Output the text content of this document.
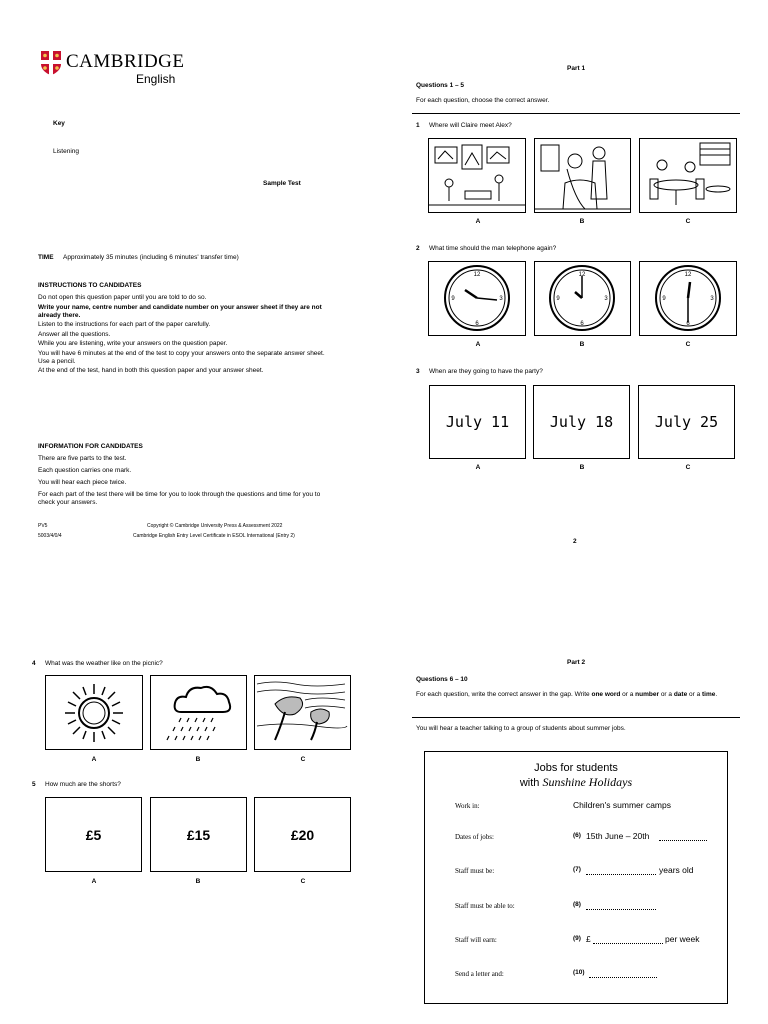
CAMBRIDGE
English
Key
Listening
Sample Test
TIME Approximately 35 minutes (including 6 minutes' transfer time)
INSTRUCTIONS TO CANDIDATES
Do not open this question paper until you are told to do so.
Write your name, centre number and candidate number on your answer sheet if they are not already there.
Listen to the instructions for each part of the paper carefully.
Answer all the questions.
While you are listening, write your answers on the question paper.
You will have 6 minutes at the end of the test to copy your answers onto the separate answer sheet. Use a pencil.
At the end of the test, hand in both this question paper and your answer sheet.
INFORMATION FOR CANDIDATES
There are five parts to the test.
Each question carries one mark.
You will hear each piece twice.
For each part of the test there will be time for you to look through the questions and time for you to check your answers.
PV5
5003/4/0/4
Copyright © Cambridge University Press & Assessment 2022
Cambridge English Entry Level Certificate in ESOL International (Entry 2)
Part 1
Questions 1 – 5
For each question, choose the correct answer.
1 Where will Claire meet Alex?
A	B	C
2 What time should the man telephone again?
12
3
6
9
12
3
6
9
12
3
6
9
A	B	C
3 When are they going to have the party?
July 11	July 18	July 25
A	B	C
2
4 What was the weather like on the picnic?
A	B	C
5 How much are the shorts?
£5	£15	£20
A	B	C
Part 2
Questions 6 – 10
For each question, write the correct answer in the gap. Write one word or a number or a date or a time.
You will hear a teacher talking to a group of students about summer jobs.
Jobs for students
with Sunshine Holidays
Work in:	Children's summer camps
Dates of jobs:	(6) 15th June – 20th
Staff must be:	(7)	years old
Staff must be able to:	(8)
Staff will earn:	(9) £	per week
Send a letter and:	(10)
